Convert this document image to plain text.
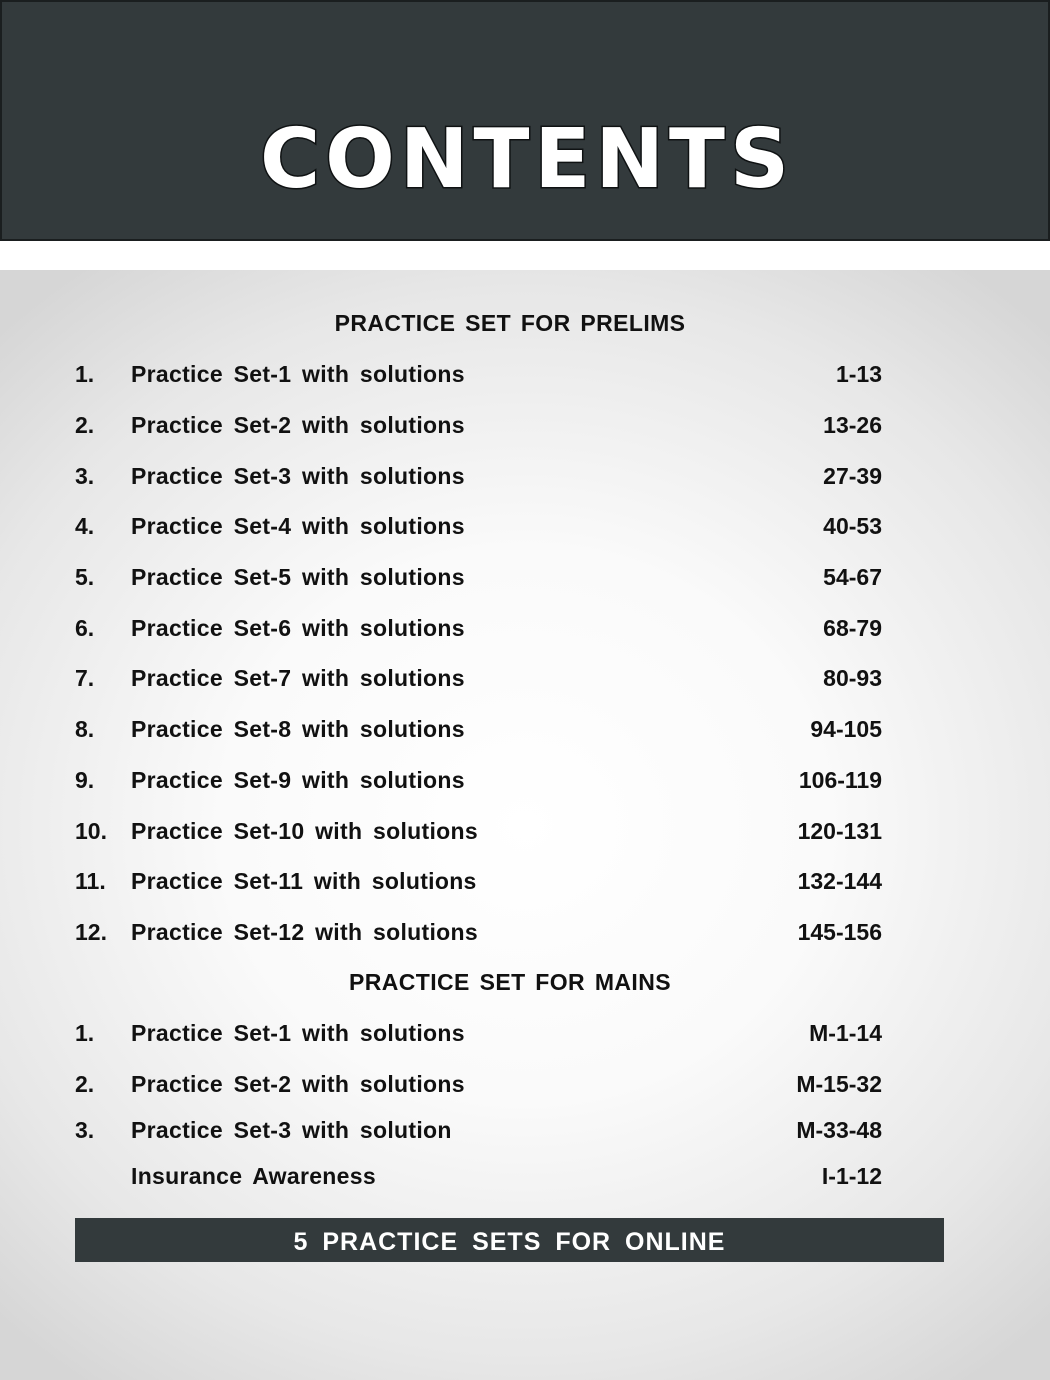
CONTENTS
PRACTICE SET FOR PRELIMS
1. Practice Set-1 with solutions	1-13
2. Practice Set-2 with solutions	13-26
3. Practice Set-3 with solutions	27-39
4. Practice Set-4 with solutions	40-53
5. Practice Set-5 with solutions	54-67
6. Practice Set-6 with solutions	68-79
7. Practice Set-7 with solutions	80-93
8. Practice Set-8 with solutions	94-105
9. Practice Set-9 with solutions	106-119
10. Practice Set-10 with solutions	120-131
11. Practice Set-11 with solutions	132-144
12. Practice Set-12 with solutions	145-156
PRACTICE SET FOR MAINS
1. Practice Set-1 with solutions	M-1-14
2. Practice Set-2 with solutions	M-15-32
3. Practice Set-3 with solution	M-33-48
Insurance Awareness	I-1-12
5 PRACTICE SETS FOR ONLINE
